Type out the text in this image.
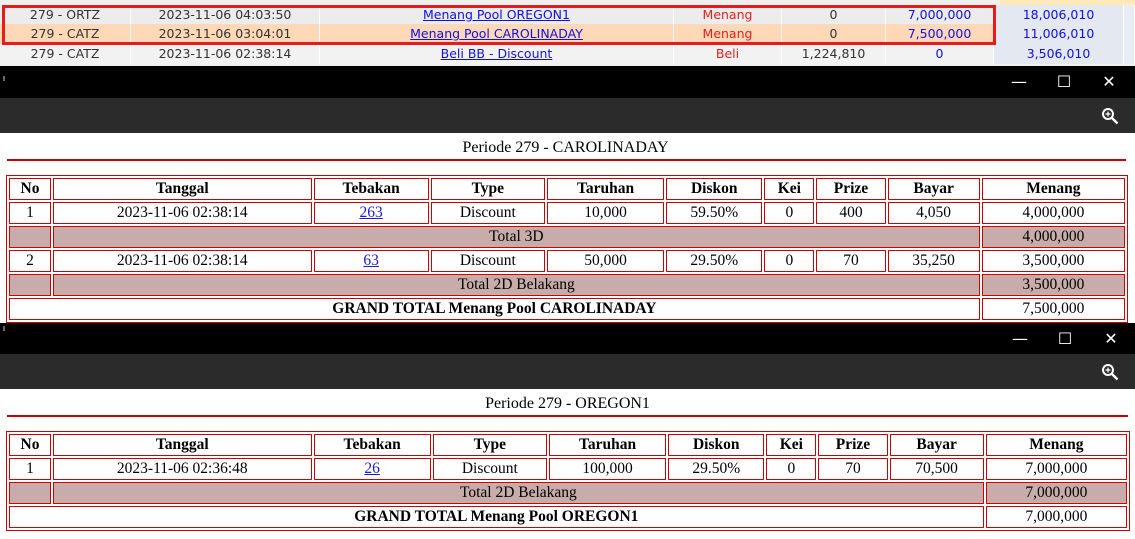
279 - ORTZ	2023-11-06 04:03:50	Menang Pool OREGON1	Menang	0	7,000,000	18,006,010
279 - CATZ	2023-11-06 03:04:01	Menang Pool CAROLINADAY	Menang	0	7,500,000	11,006,010
279 - CATZ	2023-11-06 02:38:14	Beli BB - Discount	Beli	1,224,810	0	3,506,010
—	☐	✕
Periode 279 - CAROLINADAY
No	Tanggal	Tebakan	Type	Taruhan	Diskon	Kei	Prize	Bayar	Menang
1	2023-11-06 02:38:14	263	Discount	10,000	59.50%	0	400	4,050	4,000,000
	Total 3D								4,000,000
2	2023-11-06 02:38:14	63	Discount	50,000	29.50%	0	70	35,250	3,500,000
	Total 2D Belakang								3,500,000
GRAND TOTAL Menang Pool CAROLINADAY									7,500,000
—	☐	✕
Periode 279 - OREGON1
No	Tanggal	Tebakan	Type	Taruhan	Diskon	Kei	Prize	Bayar	Menang
1	2023-11-06 02:36:48	26	Discount	100,000	29.50%	0	70	70,500	7,000,000
	Total 2D Belakang								7,000,000
GRAND TOTAL Menang Pool OREGON1									7,000,000
